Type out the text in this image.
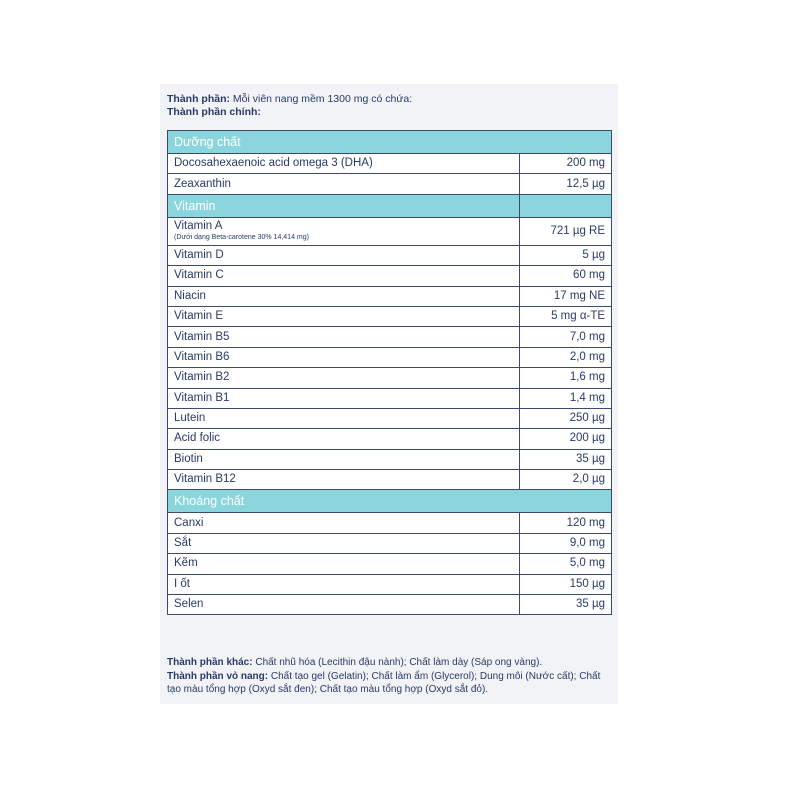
Thành phần: Mỗi viên nang mềm 1300 mg có chứa:
Thành phần chính:
Dưỡng chất	
Docosahexaenoic acid omega 3 (DHA)	200 mg
Zeaxanthin	12,5 µg
Vitamin	
Vitamin A
(Dưới dạng Beta-carotene 30% 14,414 mg)	721 µg RE
Vitamin D	5 µg
Vitamin C	60 mg
Niacin	17 mg NE
Vitamin E	5 mg α-TE
Vitamin B5	7,0 mg
Vitamin B6	2,0 mg
Vitamin B2	1,6 mg
Vitamin B1	1,4 mg
Lutein	250 µg
Acid folic	200 µg
Biotin	35 µg
Vitamin B12	2,0 µg
Khoáng chất	
Canxi	120 mg
Sắt	9,0 mg
Kẽm	5,0 mg
I ốt	150 µg
Selen	35 µg
Thành phần khác: Chất nhũ hóa (Lecithin đậu nành); Chất làm dày (Sáp ong vàng).
Thành phần vỏ nang: Chất tạo gel (Gelatin); Chất làm ẩm (Glycerol); Dung môi (Nước cất); Chất tạo màu tổng hợp (Oxyd sắt đen); Chất tạo màu tổng hợp (Oxyd sắt đỏ).
